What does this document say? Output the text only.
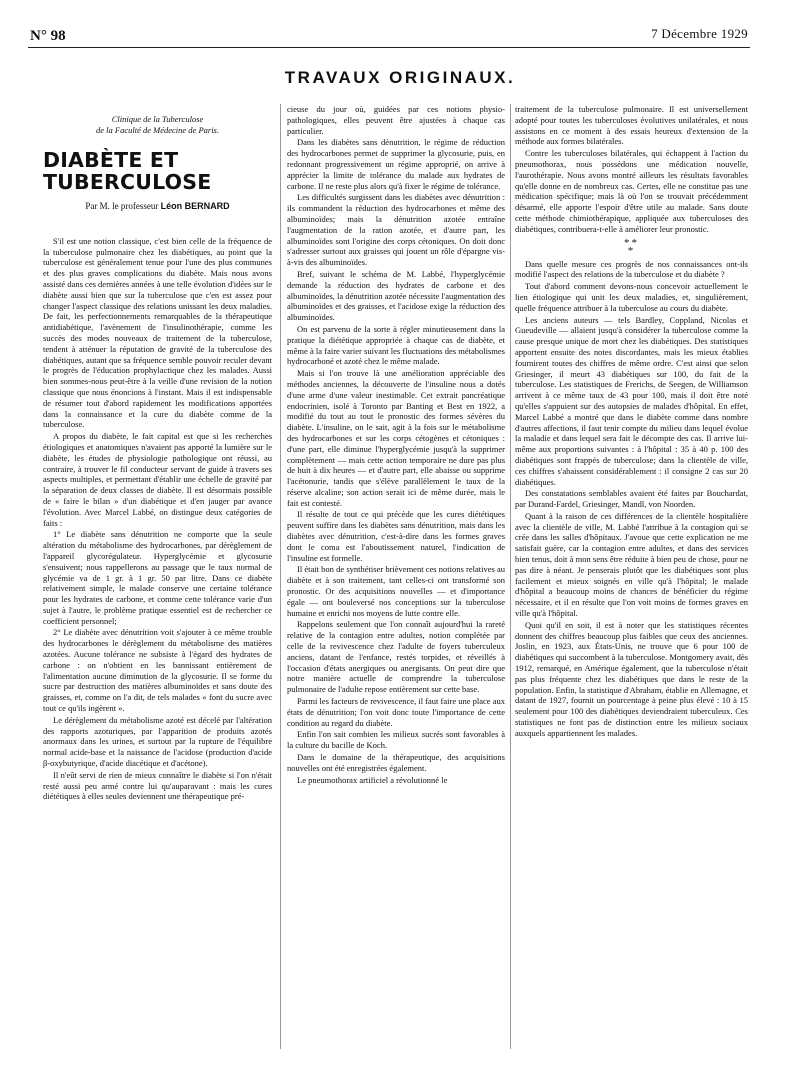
N° 98	7 Décembre 1929
TRAVAUX ORIGINAUX.
Clinique de la Tuberculose
de la Faculté de Médecine de Paris.
DIABÈTE ET TUBERCULOSE
Par M. le professeur Léon BERNARD

S'il est une notion classique, c'est bien celle de la fréquence de la tuberculose pulmonaire chez les diabétiques, au point que la tuberculose est généralement tenue pour l'une des plus communes et des plus graves complications du diabète. Mais nous avons assisté dans ces dernières années à une telle évolution d'idées sur le diabète aussi bien que sur la tuberculose que c'en est assez pour changer l'aspect classique des relations unissant les deux maladies. De fait, les perfectionnements remarquables de la thérapeutique antidiabétique, l'avènement de l'insulinothérapie, comme les succès des modes nouveaux de traitement de la tuberculose, tendent à atténuer la réputation de gravité de la tuberculose des diabétiques, autant que sa fréquence semble pouvoir reculer devant le progrès de l'éducation prophylactique chez les malades. Aussi bien sommes-nous peut-être à la veille d'une revision de la notion classique que nous énoncions à l'instant. Mais il est indispensable de résumer tout d'abord rapidement les modifications apportées dans la connaissance et la cure du diabète comme de la tuberculose.

A propos du diabète, le fait capital est que si les recherches étiologiques et anatomiques n'avaient pas apporté la lumière sur le diabète, les études de physiologie pathologique ont réussi, au contraire, à trouver le fil conducteur servant de guide à travers ses aspects multiples, et permettant d'établir une échelle de gravité par la séparation de deux classes de diabète. Il est désormais possible de « faire le bilan » d'un diabétique et d'en jauger par avance l'évolution. Avec Marcel Labbé, on distingue deux catégories de faits :

1° Le diabète sans dénutrition ne comporte que la seule altération du métabolisme des hydrocarbones, par dérèglement de l'appareil glycorégulateur. Hyperglycémie et glycosurie s'ensuivent; nous rappellerons au passage que le taux normal de glycémie va de 1 gr. à 1 gr. 50 par litre. Dans ce diabète relativement simple, le malade conserve une certaine tolérance pour les hydrates de carbone, et comme cette tolérance varie d'un sujet à l'autre, le problème pratique essentiel est de rechercher ce coefficient personnel;

2° Le diabète avec dénutrition voit s'ajouter à ce même trouble des hydrocarbones le dérèglement du métabolisme des matières azotées. Aucune tolérance ne subsiste à l'égard des hydrates de carbone : on n'obtient en les bannissant entièrement de l'alimentation aucune diminution de la glycosurie. Il se forme du sucre par destruction des matières albuminoïdes et sans doute des graisses, et, comme on l'a dit, de tels malades « font du sucre avec tout ce qu'ils ingèrent ».

Le dérèglement du métabolisme azoté est décelé par l'altération des rapports azoturiques, par l'apparition de produits azotés anormaux dans les urines, et surtout par la rupture de l'équilibre normal acide-base et la naissance de l'acidose (production d'acide β-oxybutyrique, d'acide diacétique et d'acétone).

Il n'eût servi de rien de mieux connaître le diabète si l'on n'était resté aussi peu armé contre lui qu'auparavant : mais les cures diététiques à elles seules deviennent une thérapeutique pré-

cieuse du jour où, guidées par ces notions physio-pathologiques, elles peuvent être ajustées à chaque cas particulier.

Dans les diabètes sans dénutrition, le régime de réduction des hydrocarbones permet de supprimer la glycosurie, puis, en redonnant progressivement un régime approprié, on arrive à apprécier la limite de tolérance du malade aux hydrates de carbone. Il ne reste plus alors qu'à fixer le régime de tolérance.

Les difficultés surgissent dans les diabètes avec dénutrition : ils commandent la réduction des hydrocarbones et même des albuminoïdes; mais la dénutrition azotée entraîne l'augmentation de la ration azotée, et d'autre part, les albuminoïdes sont l'origine des corps cétoniques. On doit donc s'adresser surtout aux graisses qui jouent un rôle d'épargne vis-à-vis des albuminoïdes.

Bref, suivant le schéma de M. Labbé, l'hyperglycémie demande la réduction des hydrates de carbone et des albuminoïdes, la dénutrition azotée nécessite l'augmentation des albuminoïdes et des graisses, et l'acidose exige la réduction des albuminoïdes.

On est parvenu de la sorte à régler minutieusement dans la pratique la diététique appropriée à chaque cas de diabète, et même à la faire varier suivant les fluctuations des métabolismes hydrocarboné et azoté chez le même malade.

Mais si l'on trouve là une amélioration appréciable des méthodes anciennes, la découverte de l'insuline nous a dotés d'une arme d'une valeur inestimable. Cet extrait pancréatique endocrinien, isolé à Toronto par Banting et Best en 1922, a modifié du tout au tout le pronostic des formes sévères du diabète. L'insuline, on le sait, agit à la fois sur le métabolisme des hydrocarbones et sur les corps cétogènes et cétoniques : d'une part, elle diminue l'hyperglycémie jusqu'à la supprimer complètement — mais cette action temporaire ne dure pas plus de huit à dix heures — et d'autre part, elle abaisse ou supprime l'acétonurie, tandis que s'élève parallèlement le taux de la réserve alcaline; son action serait ici de même durée, mais le fait est contesté.

Il résulte de tout ce qui précède que les cures diététiques peuvent suffire dans les diabètes sans dénutrition, mais dans les diabètes avec dénutrition, c'est-à-dire dans les formes graves dont le coma est l'aboutissement naturel, l'indication de l'insuline est formelle.

Il était bon de synthétiser brièvement ces notions relatives au diabète et à son traitement, tant celles-ci ont transformé son pronostic. Or des acquisitions nouvelles — et d'importance égale — ont bouleversé nos conceptions sur la tuberculose humaine et enrichi nos moyens de lutte contre elle.

Rappelons seulement que l'on connaît aujourd'hui la rareté relative de la contagion entre adultes, notion complétée par celle de la revivescence chez l'adulte de foyers tuberculeux anciens, datant de l'enfance, restés torpides, et réveillés à l'occasion d'états anergiques ou anergisants. On peut dire que notre manière actuelle de comprendre la tuberculose pulmonaire de l'adulte repose entièrement sur cette base.

Parmi les facteurs de revivescence, il faut faire une place aux états de dénutrition; l'on voit donc toute l'importance de cette condition au regard du diabète.

Enfin l'on sait combien les milieux sucrés sont favorables à la culture du bacille de Koch.

Dans le domaine de la thérapeutique, des acquisitions nouvelles ont été enregistrées également.

Le pneumothorax artificiel a révolutionné le

traitement de la tuberculose pulmonaire. Il est universellement adopté pour toutes les tuberculoses évolutives unilatérales, et nous assistons en ce moment à des essais heureux d'extension de la méthode aux formes bilatérales.

Contre les tuberculoses bilatérales, qui échappent à l'action du pneumothorax, nous possédons une médication nouvelle, l'aurothérapie. Nous avons montré ailleurs les résultats favorables qu'elle donne en de nombreux cas. Certes, elle ne constitue pas une médication spécifique; mais là où l'on se trouvait précédemment désarmé, elle apporte l'espoir d'être utile au malade. Sans doute cette méthode chimiothérapique, appliquée aux tuberculoses des diabétiques, contribuera-t-elle à améliorer leur pronostic.

**
*

Dans quelle mesure ces progrès de nos connaissances ont-ils modifié l'aspect des relations de la tuberculose et du diabète ?

Tout d'abord comment devons-nous concevoir actuellement le lien étiologique qui unit les deux maladies, et, singulièrement, quelle fréquence attribuer à la tuberculose au cours du diabète.

Les anciens auteurs — tels Bardley, Coppland, Nicolas et Gueudeville — allaient jusqu'à considérer la tuberculose comme la cause presque unique de mort chez les diabétiques. Des statistiques apportent ensuite des notes discordantes, mais les mieux établies fournirent toutes des chiffres de même ordre. C'est ainsi que selon Griesinger, il meurt 43 diabétiques sur 100, du fait de la tuberculose. Les statistiques de Frerichs, de Seegen, de Williamson arrivent à ce même taux de 43 pour 100, mais il doit être noté qu'elles s'appuient sur des autopsies de malades d'hôpital. En effet, Marcel Labbé a montré que dans le diabète comme dans nombre d'autres affections, il faut tenir compte du milieu dans lequel évolue la maladie et dans lequel sera fait le décompte des cas. Il arrive lui-même aux proportions suivantes : à l'hôpital : 35 à 40 p. 100 des diabétiques sont frappés de tuberculose; dans la clientèle de ville, ces chiffres s'abaissent considérablement : il consigne 2 cas sur 20 diabétiques.

Des constatations semblables avaient été faites par Bouchardat, par Durand-Fardel, Griesinger, Mandl, von Noorden.

Quant à la raison de ces différences de la clientèle hospitalière avec la clientèle de ville, M. Labbé l'attribue à la contagion qui se crée dans les salles d'hôpitaux. J'avoue que cette explication ne me satisfait guère, car la contagion entre adultes, et dans des services bien tenus, doit à mon sens être réduite à bien peu de chose, pour ne pas dire à néant. Je penserais plutôt que les diabétiques sont plus facilement et mieux soignés en ville qu'à l'hôpital; le malade d'hôpital a beaucoup moins de chances de bénéficier du régime nécessaire, et il en résulte que l'on voit moins de formes graves en ville qu'à l'hôpital.

Quoi qu'il en soit, il est à noter que les statistiques récentes donnent des chiffres beaucoup plus faibles que ceux des anciennes. Joslin, en 1923, aux États-Unis, ne trouve que 6 pour 100 de diabétiques qui succombent à la tuberculose. Montgomery avait, dès 1912, remarqué, en Amérique également, que la tuberculose n'était pas plus fréquente chez les diabétiques que dans le reste de la population. Enfin, la statistique d'Abraham, établie en Allemagne, et datant de 1927, fournit un pourcentage à peine plus élevé : 10 à 15 seulement pour 100 des diabétiques deviendraient tuberculeux. Ces statistiques ne font pas de distinction entre les milieux sociaux auxquels appartiennent les malades.
